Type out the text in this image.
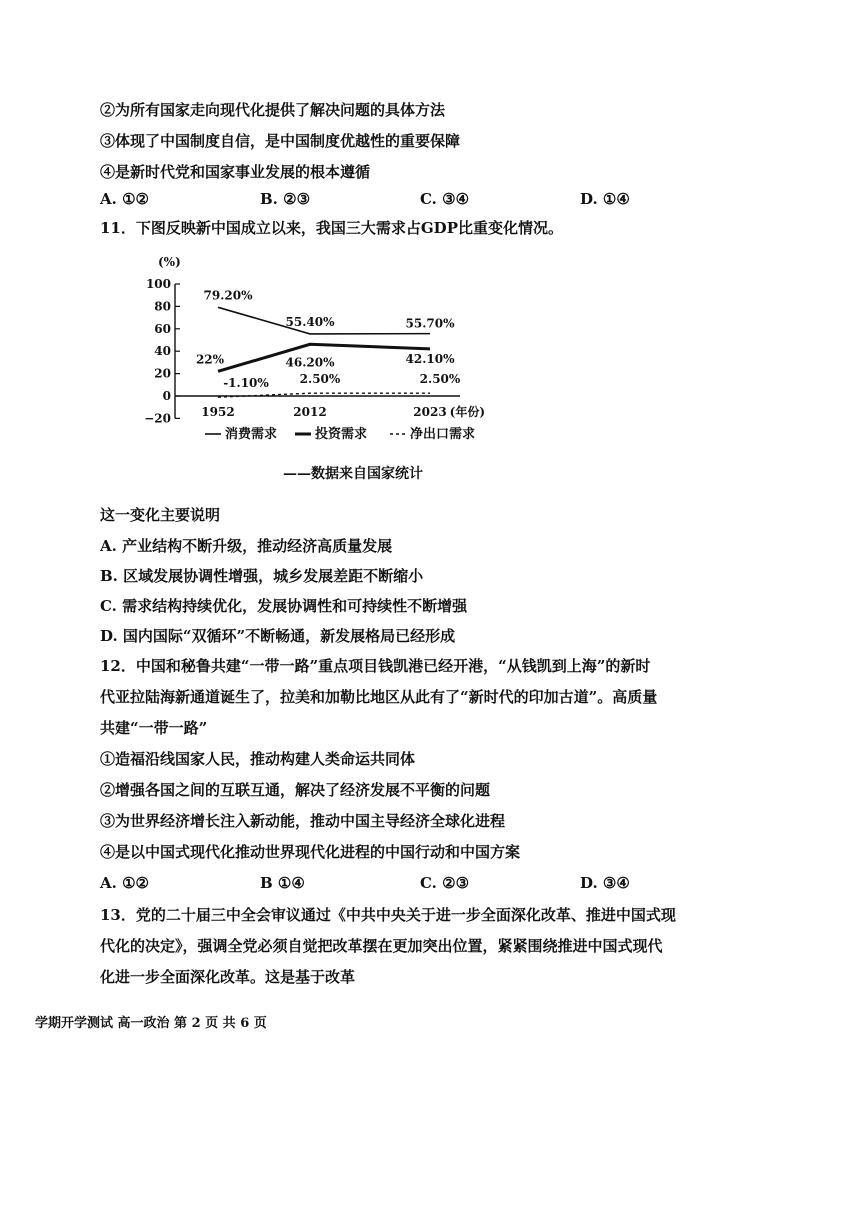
②为所有国家走向现代化提供了解决问题的具体方法
③体现了中国制度自信，是中国制度优越性的重要保障
④是新时代党和国家事业发展的根本遵循
A. ①②	B. ②③	C. ③④	D. ①④
11．下图反映新中国成立以来，我国三大需求占GDP比重变化情况。
(%)
100
80
60
40
20
0
−20	1952	2012	2023 (年份)
79.20%
55.40%	55.70%
22%	46.20%	42.10%
-1.10%	2.50%	2.50%
消费需求	投资需求	净出口需求
——数据来自国家统计
这一变化主要说明
A. 产业结构不断升级，推动经济高质量发展
B. 区域发展协调性增强，城乡发展差距不断缩小
C. 需求结构持续优化，发展协调性和可持续性不断增强
D. 国内国际“双循环”不断畅通，新发展格局已经形成
12．中国和秘鲁共建“一带一路”重点项目钱凯港已经开港，“从钱凯到上海”的新时
代亚拉陆海新通道诞生了，拉美和加勒比地区从此有了“新时代的印加古道”。高质量
共建“一带一路”
①造福沿线国家人民，推动构建人类命运共同体
②增强各国之间的互联互通，解决了经济发展不平衡的问题
③为世界经济增长注入新动能，推动中国主导经济全球化进程
④是以中国式现代化推动世界现代化进程的中国行动和中国方案
A. ①②	B ①④	C. ②③	D. ③④
13．党的二十届三中全会审议通过《中共中央关于进一步全面深化改革、推进中国式现
代化的决定》，强调全党必须自觉把改革摆在更加突出位置，紧紧围绕推进中国式现代
化进一步全面深化改革。这是基于改革
学期开学测试 高一政治 第 2 页 共 6 页
